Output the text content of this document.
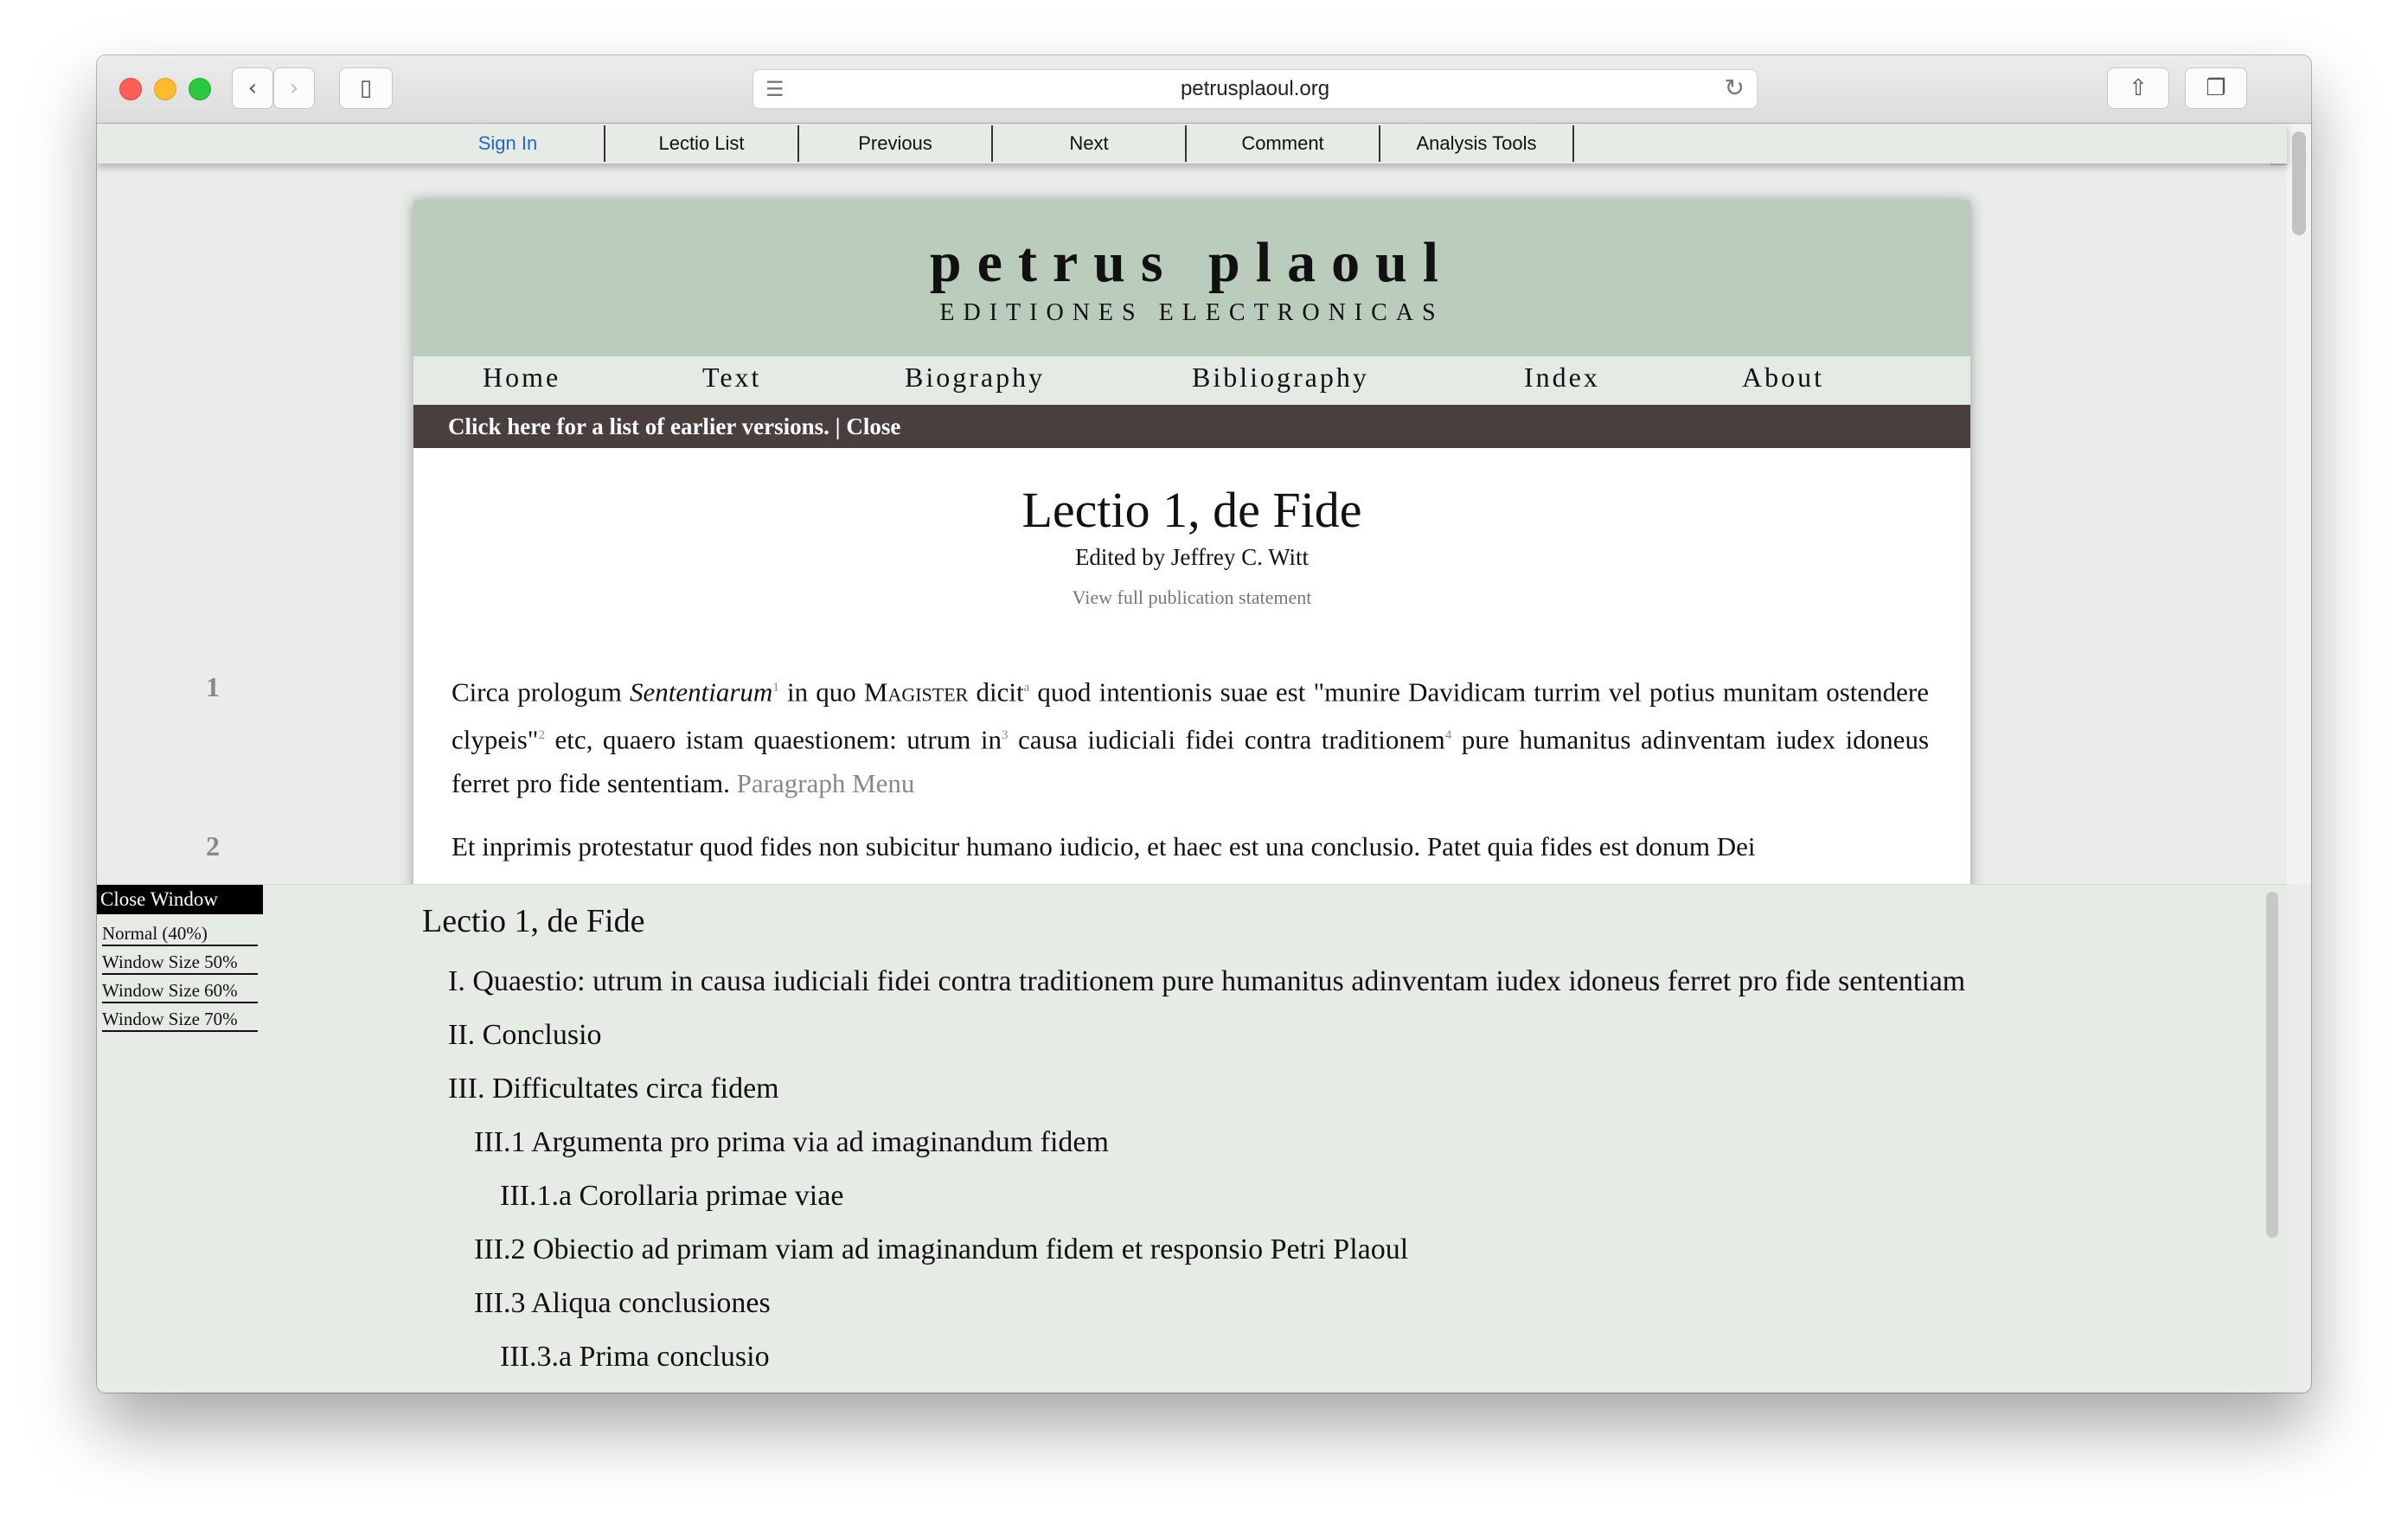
‹	›	▯	☰	petrusplaoul.org	↻	⇧	❐
Sign In	Lectio List	Previous	Next	Comment	Analysis Tools
petrus plaoul
EDITIONES ELECTRONICAS
Home	Text	Biography	Bibliography	Index	About
Click here for a list of earlier versions. | Close
Lectio 1, de Fide
Edited by Jeffrey C. Witt
View full publication statement
Circa prologum Sententiarum$^1$ in quo Magister dicit$^a$ quod intentionis suae est "munire Davidicam turrim vel potius munitam ostendere clypeis"$^2$ etc, quaero istam quaestionem: utrum $in^3$ causa iudiciali fidei contra traditionem$^4$ pure humanitus adinventam iudex idoneus ferret pro fide sententiam. Paragraph Menu
Et inprimis protestatur quod fides non subicitur humano iudicio, et haec est una conclusio. Patet quia fides est donum Dei
1
2
Close Window
Normal (40%)
Window Size 50%
Window Size 60%
Window Size 70%
Lectio 1, de Fide
I. Quaestio: utrum in causa iudiciali fidei contra traditionem pure humanitus adinventam iudex idoneus ferret pro fide sententiam
II. Conclusio
III. Difficultates circa fidem
III.1 Argumenta pro prima via ad imaginandum fidem
III.1.a Corollaria primae viae
III.2 Obiectio ad primam viam ad imaginandum fidem et responsio Petri Plaoul
III.3 Aliqua conclusiones
III.3.a Prima conclusio
